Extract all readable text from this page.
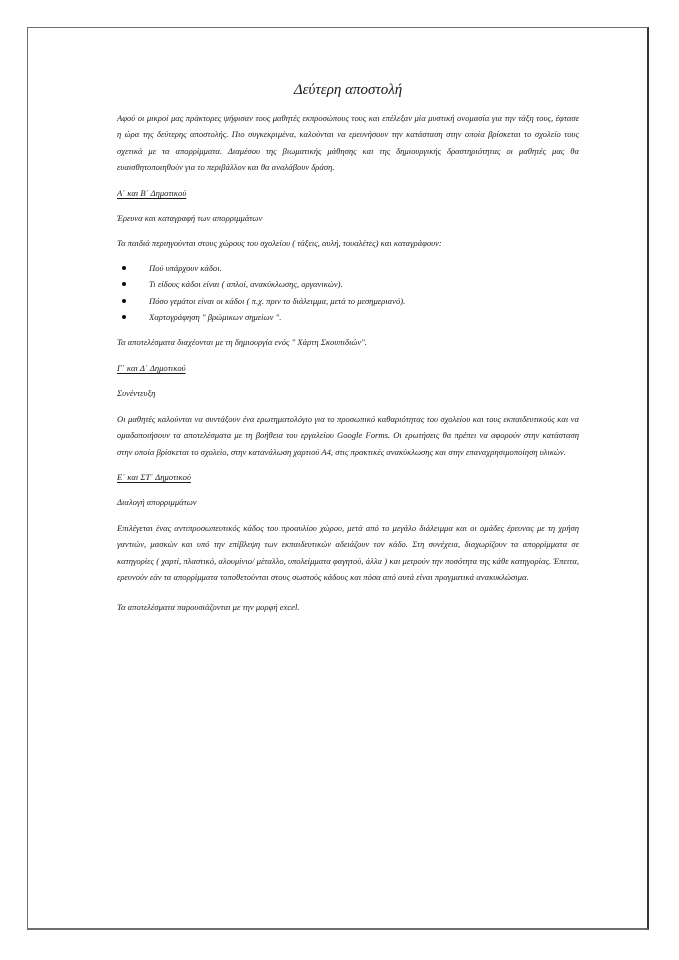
Δεύτερη αποστολή

Αφού οι μικροί μας πράκτορες ψήφισαν τους μαθητές εκπροσώπους τους και επέλεξαν μία μυστική ονομασία για την τάξη τους, έφτασε η ώρα της δεύτερης αποστολής. Πιο συγκεκριμένα, καλούνται να ερευνήσουν την κατάσταση στην οποία βρίσκεται το σχολείο τους σχετικά με τα απορρίμματα. Διαμέσου της βιωματικής μάθησης και της δημιουργικής δραστηριότητας οι μαθητές μας θα ευαισθητοποιηθούν για το περιβάλλον και θα αναλάβουν δράση.

Α΄ και Β΄ Δημοτικού

Έρευνα και καταγραφή των απορριμμάτων

Τα παιδιά περιηγούνται στους χώρους του σχολείου ( τάξεις, αυλή, τουαλέτες) και καταγράφουν:

Πού υπάρχουν κάδοι.
Τι είδους κάδοι είναι ( απλοί, ανακύκλωσης, οργανικών).
Πόσο γεμάτοι είναι οι κάδοι ( π.χ. πριν το διάλειμμα, μετά το μεσημεριανό).
Χαρτογράφηση " βρώμικων σημείων ".

Τα αποτελέσματα διαχέονται με τη δημιουργία ενός " Χάρτη Σκουπιδιών".

Γ΄ και Δ΄ Δημοτικού

Συνέντευξη

Οι μαθητές καλούνται να συντάξουν ένα ερωτηματολόγιο για το προσωπικό καθαριότητας του σχολείου και τους εκπαιδευτικούς και να ομαδοποιήσουν τα αποτελέσματα με τη βοήθεια του εργαλείου Google Forms. Οι ερωτήσεις θα πρέπει να αφορούν στην κατάσταση στην οποία βρίσκεται το σχολείο, στην κατανάλωση χαρτιού Α4, στις πρακτικές ανακύκλωσης και στην επαναχρησιμοποίηση υλικών.

Ε΄ και ΣΤ΄ Δημοτικού

Διαλογή απορριμμάτων

Επιλέγεται ένας αντιπροσωπευτικός κάδος του προαυλίου χώρου, μετά από το μεγάλο διάλειμμα και οι ομάδες έρευνας με τη χρήση γαντιών, μασκών και υπό την επίβλεψη των εκπαιδευτικών αδειάζουν τον κάδο. Στη συνέχεια, διαχωρίζουν τα απορρίμματα σε κατηγορίες ( χαρτί, πλαστικό, αλουμίνιο/ μέταλλο, υπολείμματα φαγητού, άλλα ) και μετρούν την ποσότητα της κάθε κατηγορίας. Έπειτα, ερευνούν εάν τα απορρίμματα τοποθετούνται στους σωστούς κάδους και πόσα από αυτά είναι πραγματικά ανακυκλώσιμα.

Τα αποτελέσματα παρουσιάζονται με την μορφή excel.
